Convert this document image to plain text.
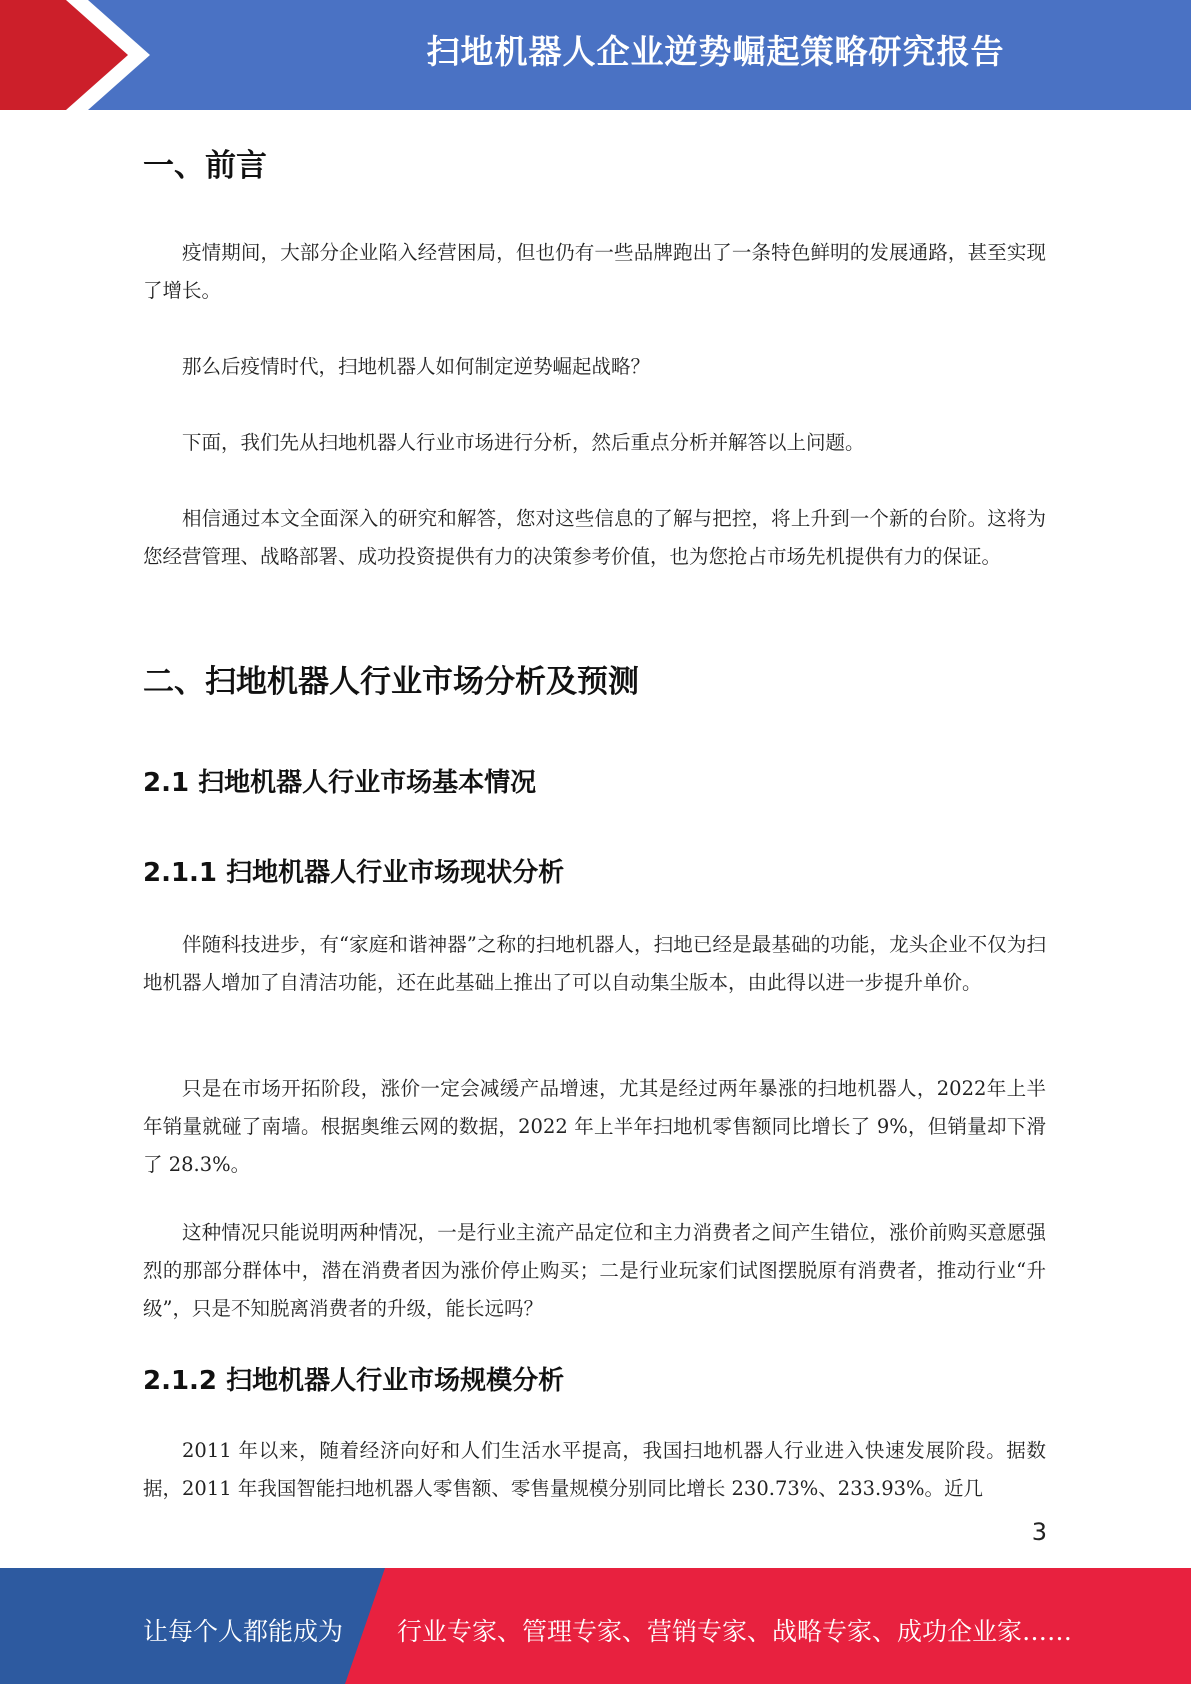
扫地机器人企业逆势崛起策略研究报告
一、前言

疫情期间，大部分企业陷入经营困局，但也仍有一些品牌跑出了一条特色鲜明的发展通路，甚至实现了增长。

那么后疫情时代，扫地机器人如何制定逆势崛起战略？

下面，我们先从扫地机器人行业市场进行分析，然后重点分析并解答以上问题。

相信通过本文全面深入的研究和解答，您对这些信息的了解与把控，将上升到一个新的台阶。这将为您经营管理、战略部署、成功投资提供有力的决策参考价值，也为您抢占市场先机提供有力的保证。

二、扫地机器人行业市场分析及预测
2.1 扫地机器人行业市场基本情况
2.1.1 扫地机器人行业市场现状分析

伴随科技进步，有“家庭和谐神器”之称的扫地机器人，扫地已经是最基础的功能，龙头企业不仅为扫地机器人增加了自清洁功能，还在此基础上推出了可以自动集尘版本，由此得以进一步提升单价。

只是在市场开拓阶段，涨价一定会减缓产品增速，尤其是经过两年暴涨的扫地机器人，2022年上半年销量就碰了南墙。根据奥维云网的数据，2022 年上半年扫地机零售额同比增长了 9%，但销量却下滑了 28.3%。

这种情况只能说明两种情况，一是行业主流产品定位和主力消费者之间产生错位，涨价前购买意愿强烈的那部分群体中，潜在消费者因为涨价停止购买；二是行业玩家们试图摆脱原有消费者，推动行业“升级”，只是不知脱离消费者的升级，能长远吗？

2.1.2 扫地机器人行业市场规模分析

2011 年以来，随着经济向好和人们生活水平提高，我国扫地机器人行业进入快速发展阶段。据数据，2011 年我国智能扫地机器人零售额、零售量规模分别同比增长 230.73%、233.93%。近几

3
让每个人都能成为 行业专家、管理专家、营销专家、战略专家、成功企业家……
